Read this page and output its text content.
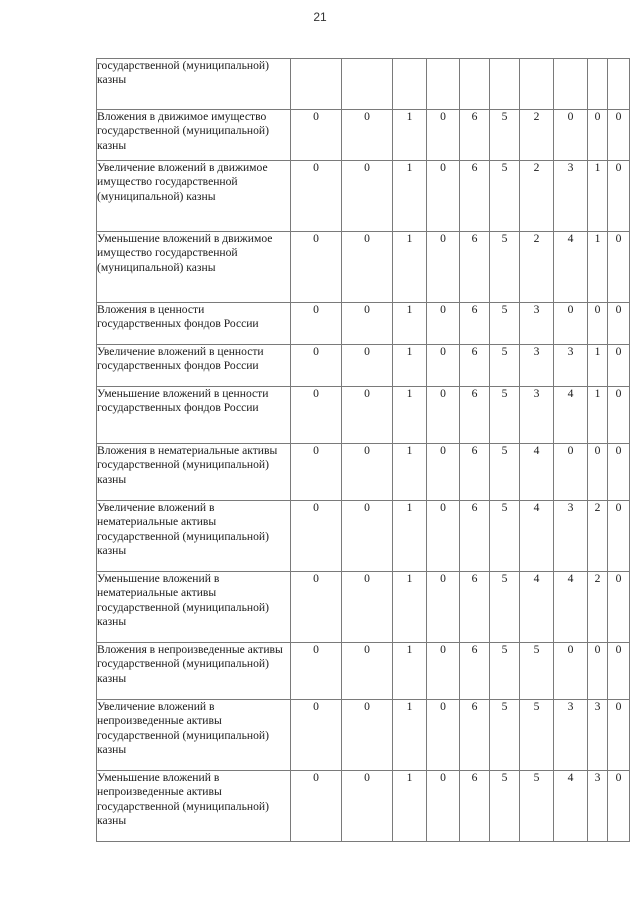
21
государственной (муниципальной) казны										
Вложения в движимое имущество государственной (муниципальной) казны	0	0	1	0	6	5	2	0	0	0
Увеличение вложений в движимое имущество государственной (муниципальной) казны	0	0	1	0	6	5	2	3	1	0
Уменьшение вложений в движимое имущество государственной (муниципальной) казны	0	0	1	0	6	5	2	4	1	0
Вложения в ценности государственных фондов России	0	0	1	0	6	5	3	0	0	0
Увеличение вложений в ценности государственных фондов России	0	0	1	0	6	5	3	3	1	0
Уменьшение вложений в ценности государственных фондов России	0	0	1	0	6	5	3	4	1	0
Вложения в нематериальные активы государственной (муниципальной) казны	0	0	1	0	6	5	4	0	0	0
Увеличение вложений в нематериальные активы государственной (муниципальной) казны	0	0	1	0	6	5	4	3	2	0
Уменьшение вложений в нематериальные активы государственной (муниципальной) казны	0	0	1	0	6	5	4	4	2	0
Вложения в непроизведенные активы государственной (муниципальной) казны	0	0	1	0	6	5	5	0	0	0
Увеличение вложений в непроизведенные активы государственной (муниципальной) казны	0	0	1	0	6	5	5	3	3	0
Уменьшение вложений в непроизведенные активы государственной (муниципальной) казны	0	0	1	0	6	5	5	4	3	0
